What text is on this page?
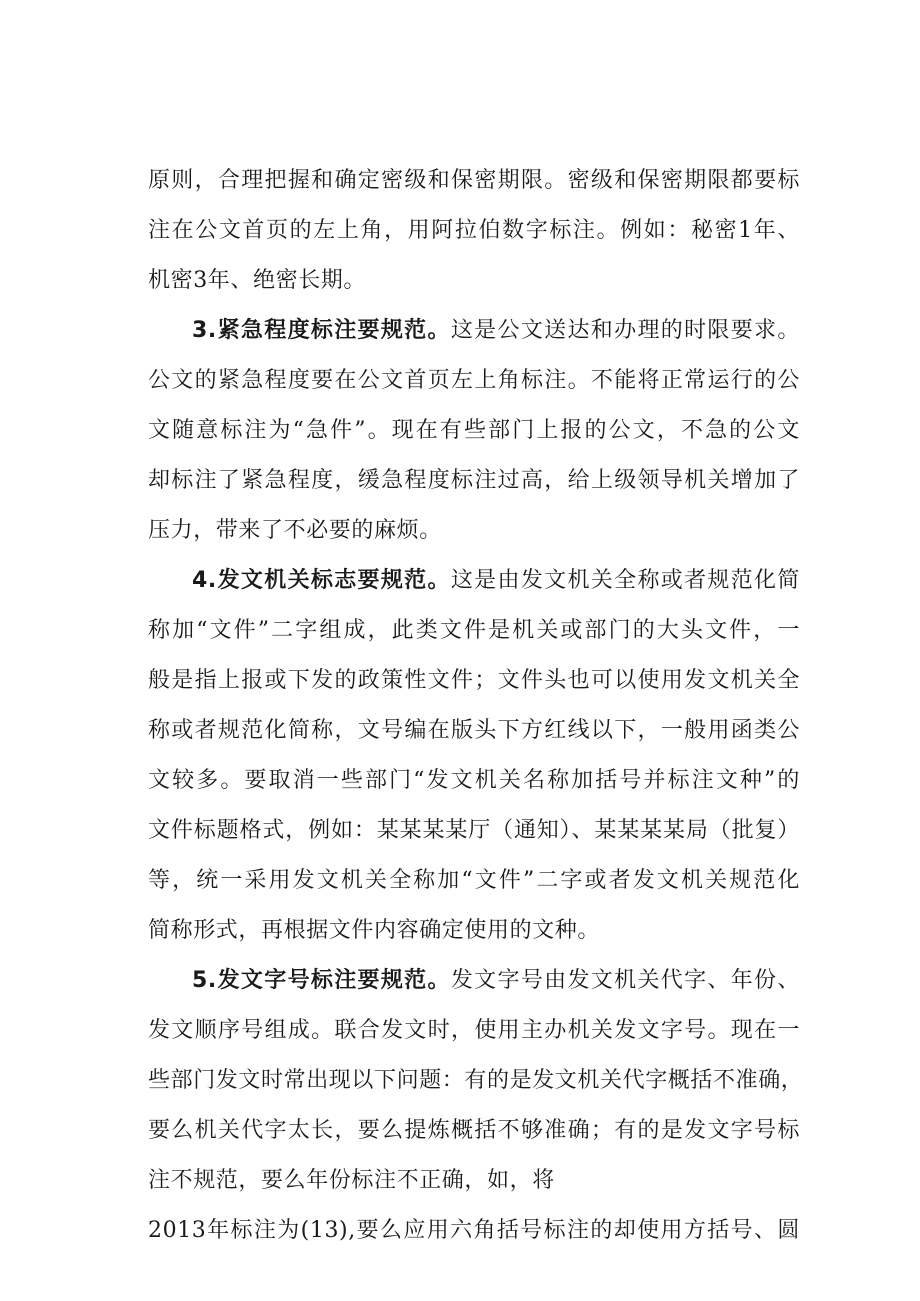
原则，合理把握和确定密级和保密期限。密级和保密期限都要标
注在公文首页的左上角，用阿拉伯数字标注。例如：秘密1年、
机密3年、绝密长期。
3.紧急程度标注要规范。这是公文送达和办理的时限要求。
公文的紧急程度要在公文首页左上角标注。不能将正常运行的公
文随意标注为“急件”。现在有些部门上报的公文，不急的公文
却标注了紧急程度，缓急程度标注过高，给上级领导机关增加了
压力，带来了不必要的麻烦。
4.发文机关标志要规范。这是由发文机关全称或者规范化简
称加“文件”二字组成，此类文件是机关或部门的大头文件，一
般是指上报或下发的政策性文件；文件头也可以使用发文机关全
称或者规范化简称，文号编在版头下方红线以下，一般用函类公
文较多。要取消一些部门“发文机关名称加括号并标注文种”的
文件标题格式，例如：某某某某厅（通知）、某某某某局（批复）
等，统一采用发文机关全称加“文件”二字或者发文机关规范化
简称形式，再根据文件内容确定使用的文种。
5.发文字号标注要规范。发文字号由发文机关代字、年份、
发文顺序号组成。联合发文时，使用主办机关发文字号。现在一
些部门发文时常出现以下问题：有的是发文机关代字概括不准确，
要么机关代字太长，要么提炼概括不够准确；有的是发文字号标
注不规范，要么年份标注不正确，如，将
2013年标注为(13),要么应用六角括号标注的却使用方括号、圆
